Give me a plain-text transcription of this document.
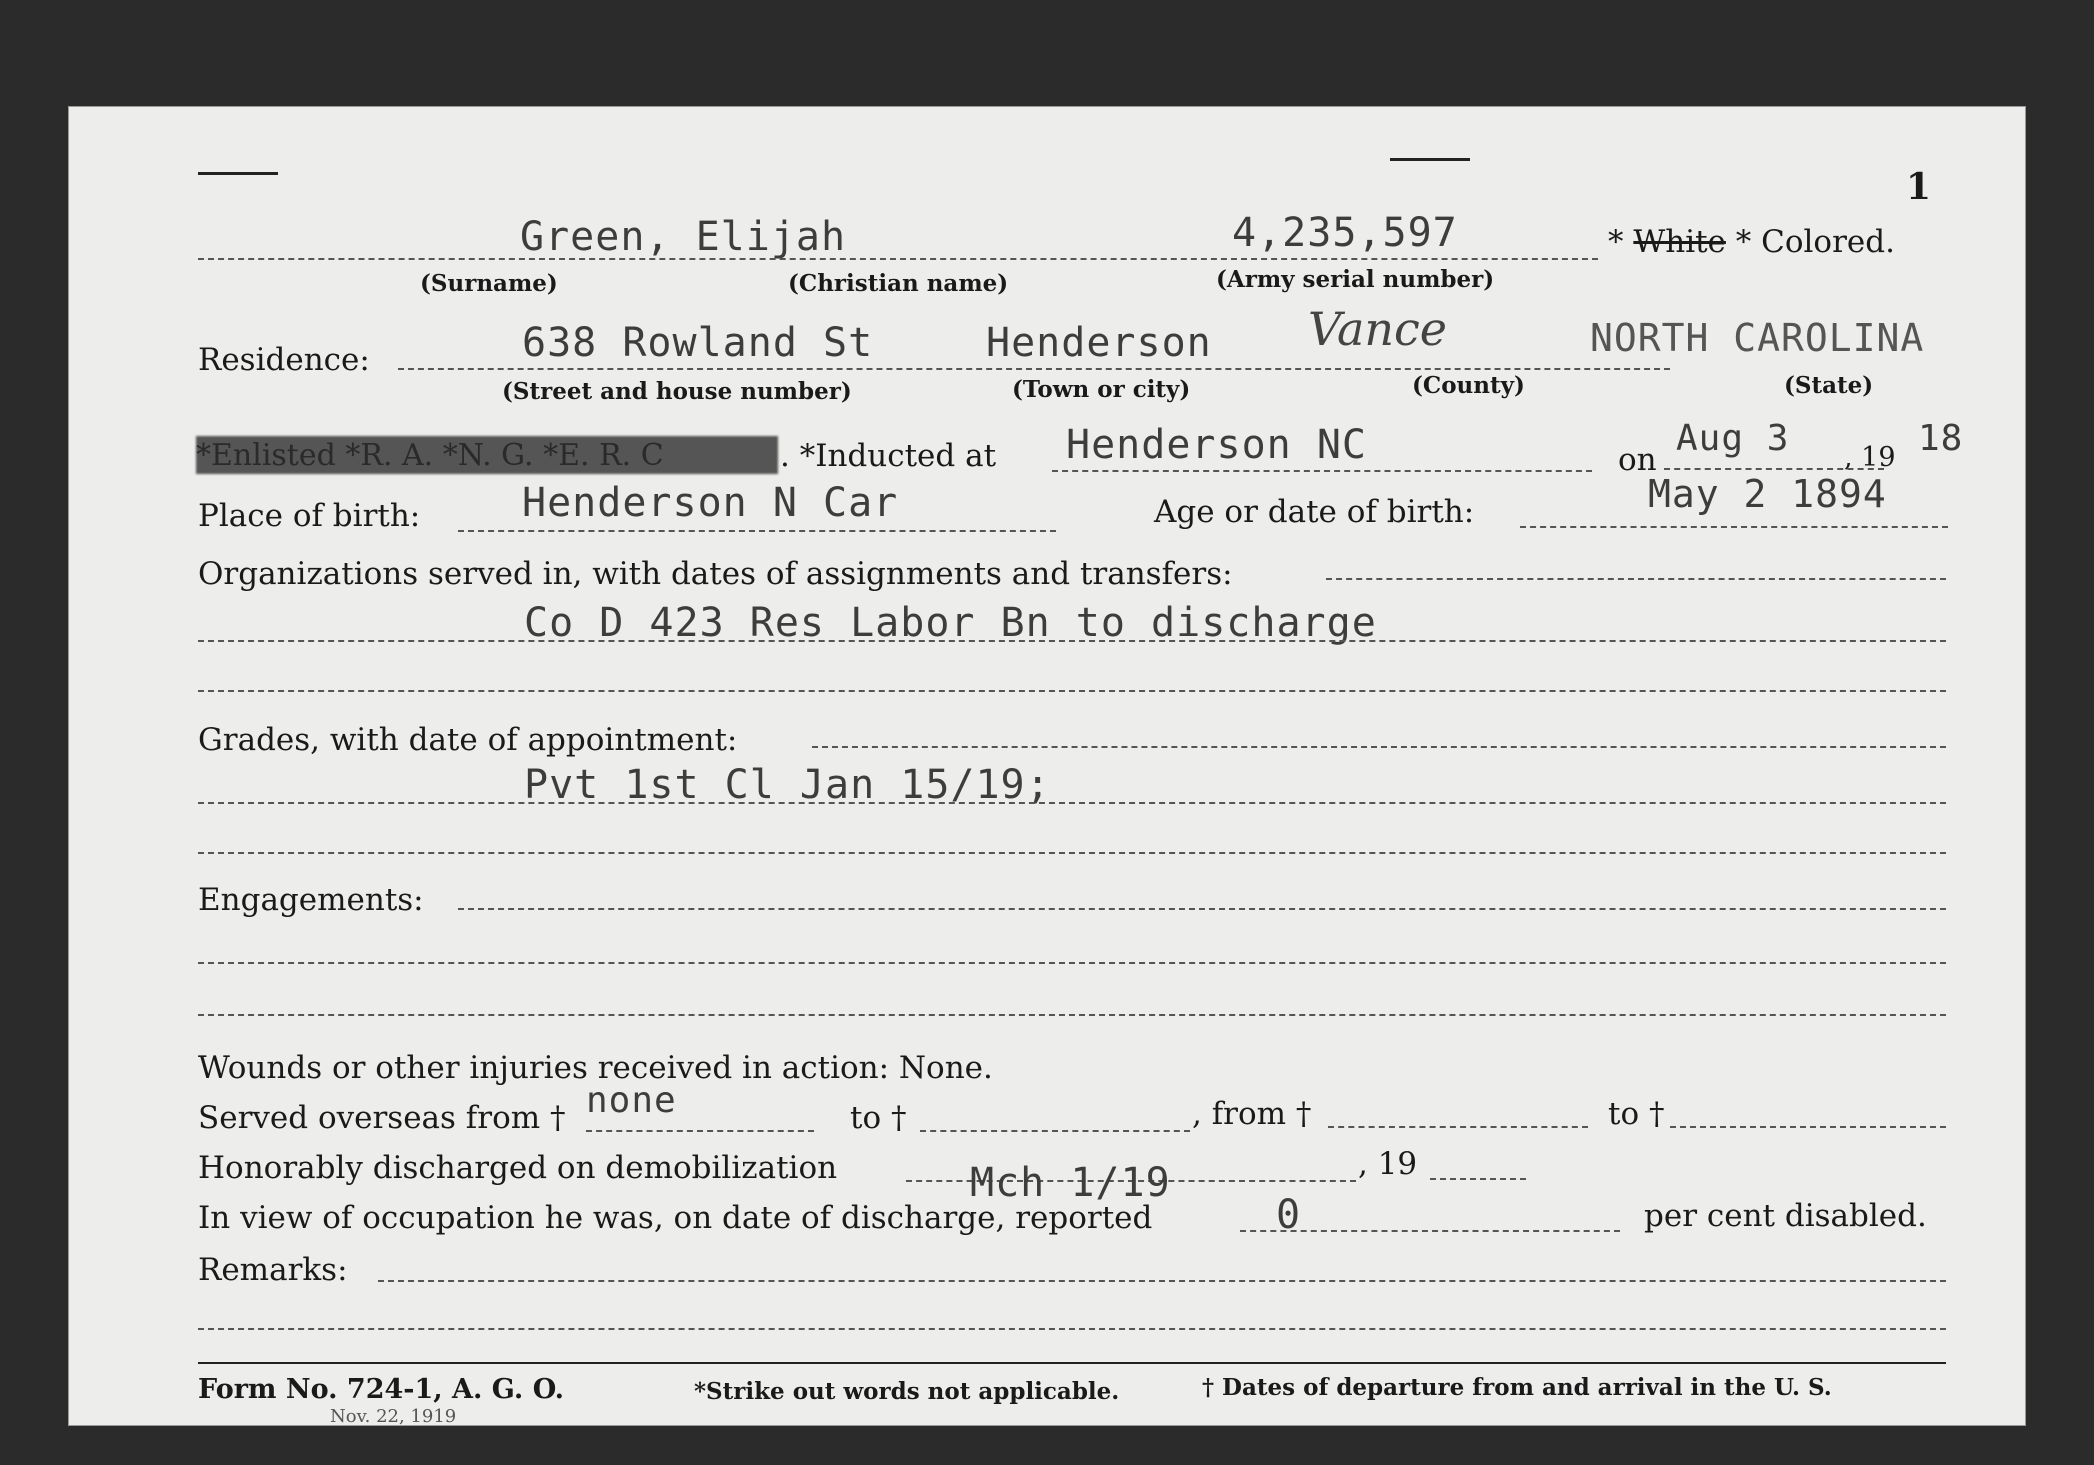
1
Green, Elijah	4,235,597	* White * Colored.
(Surname)	(Christian name)	(Army serial number)
Residence:	638 Rowland St	Henderson Vance	NORTH CAROLINA
(Street and house number)	(Town or city)	(County)	(State)
*Enlisted *R. A. *N. G. *E. R. C	. *Inducted at Henderson NC	on
Aug 3 , 19 18
Place of birth:	Henderson N Car	Age or date of birth:	May 2 1894
Organizations served in, with dates of assignments and transfers:
Co D 423 Res Labor Bn to discharge
Grades, with date of appointment:
Pvt 1st Cl Jan 15/19;
Engagements:
Wounds or other injuries received in action: None.
Served overseas from † none	to †	, from †	to †
Honorably discharged on demobilization	Mch 1/19	, 19
In view of occupation he was, on date of discharge, reported	0	per cent disabled.
Remarks:
Form No. 724-1, A. G. O.
Nov. 22, 1919
*Strike out words not applicable.	† Dates of departure from and arrival in the U. S.
